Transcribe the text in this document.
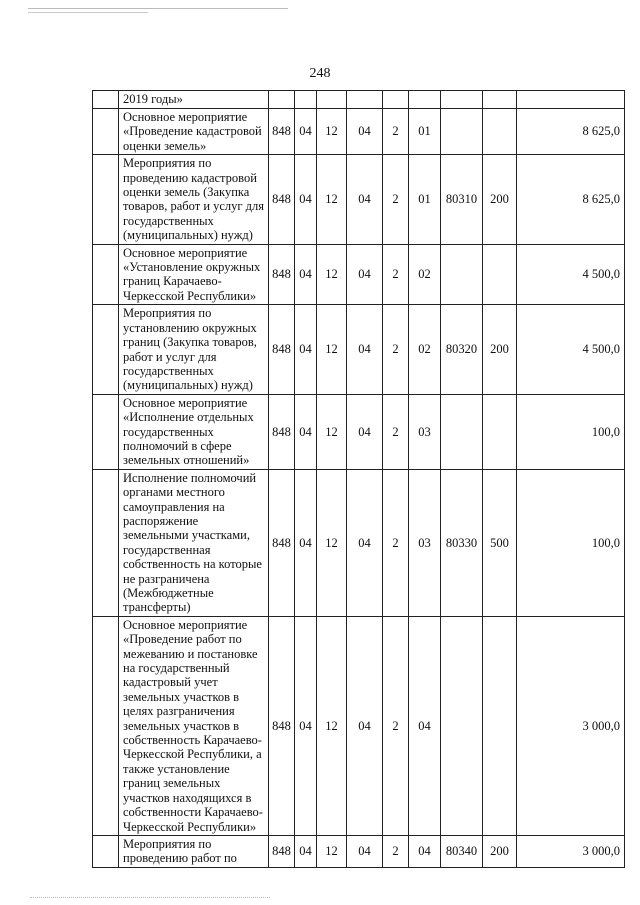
248
	2019 годы»									
	Основное мероприятие «Проведение кадастровой оценки земель»	848	04	12	04	2	01			8 625,0
	Мероприятия по проведению кадастровой оценки земель (Закупка товаров, работ и услуг для государственных (муниципальных) нужд)	848	04	12	04	2	01	80310	200	8 625,0
	Основное мероприятие «Установление окружных границ Карачаево-Черкесской Республики»	848	04	12	04	2	02			4 500,0
	Мероприятия по установлению окружных границ (Закупка товаров, работ и услуг для государственных (муниципальных) нужд)	848	04	12	04	2	02	80320	200	4 500,0
	Основное мероприятие «Исполнение отдельных государственных полномочий в сфере земельных отношений»	848	04	12	04	2	03			100,0
	Исполнение полномочий органами местного самоуправления на распоряжение земельными участками, государственная собственность на которые не разграничена (Межбюджетные трансферты)	848	04	12	04	2	03	80330	500	100,0
	Основное мероприятие «Проведение работ по межеванию и постановке на государственный кадастровый учет земельных участков в целях разграничения земельных участков в собственность Карачаево-Черкесской Республики, а также установление границ земельных участков находящихся в собственности Карачаево-Черкесской Республики»	848	04	12	04	2	04			3 000,0
	Мероприятия по проведению работ по	848	04	12	04	2	04	80340	200	3 000,0
